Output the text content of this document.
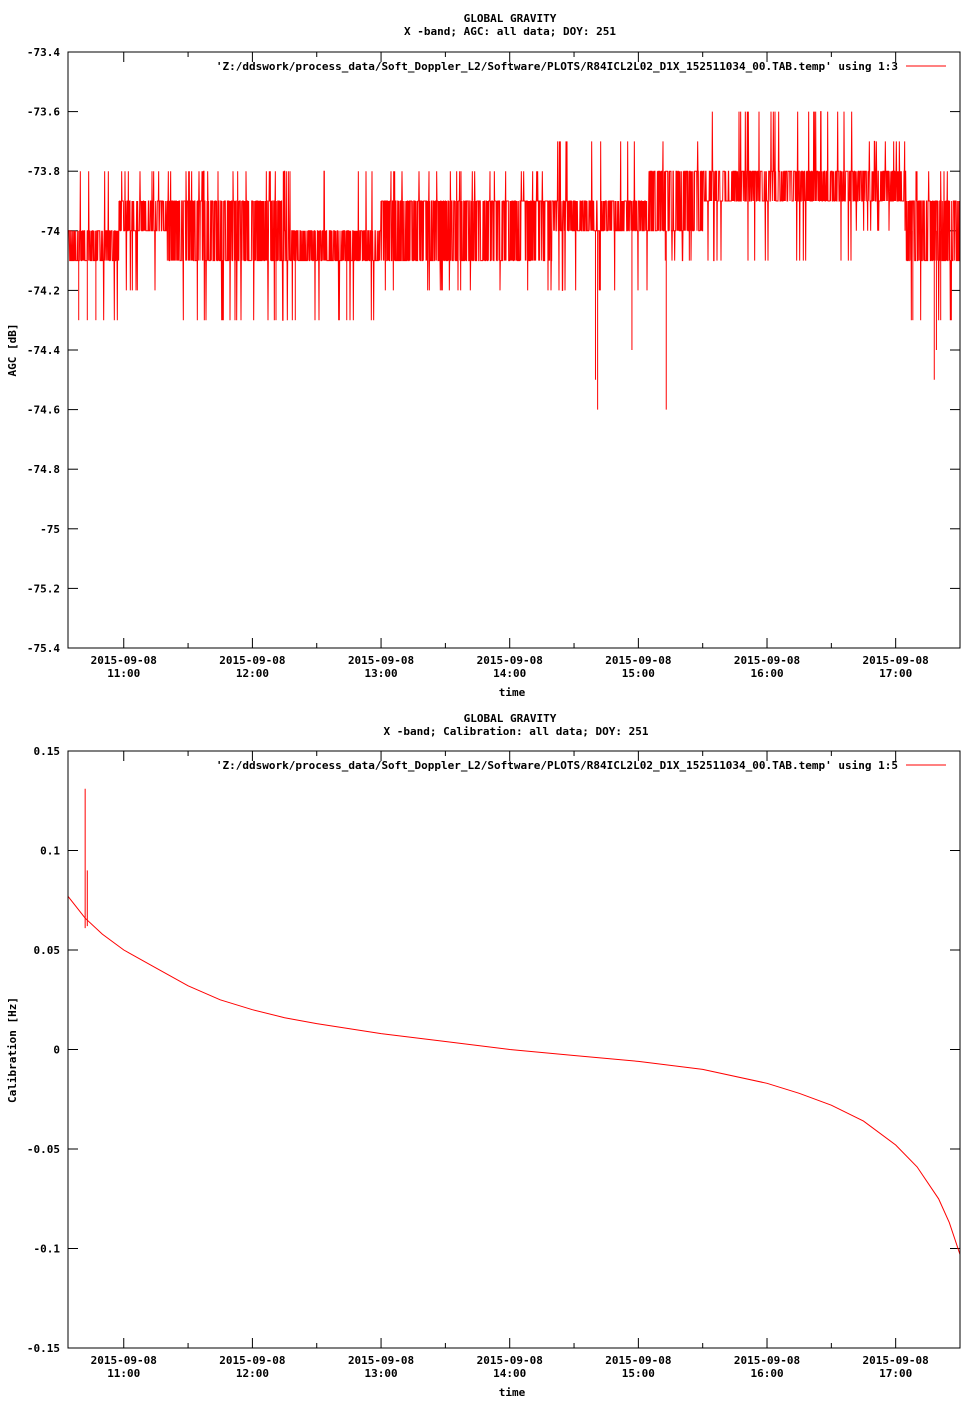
GLOBAL GRAVITY
X -band; AGC: all data; DOY: 251
AGC [dB]
time
'Z:/ddswork/process_data/Soft_Doppler_L2/Software/PLOTS/R84ICL2L02_D1X_152511034_00.TAB.temp' using 1:3
-73.4
-73.6
-73.8
-74
-74.2
-74.4
-74.6
-74.8
-75
-75.2
-75.4
2015-09-08
11:00
2015-09-08
12:00
2015-09-08
13:00
2015-09-08
14:00
2015-09-08
15:00
2015-09-08
16:00
2015-09-08
17:00
GLOBAL GRAVITY
X -band; Calibration: all data; DOY: 251
Calibration [Hz]
time
'Z:/ddswork/process_data/Soft_Doppler_L2/Software/PLOTS/R84ICL2L02_D1X_152511034_00.TAB.temp' using 1:5
0.15
0.1
0.05
0
-0.05
-0.1
-0.15
2015-09-08
11:00
2015-09-08
12:00
2015-09-08
13:00
2015-09-08
14:00
2015-09-08
15:00
2015-09-08
16:00
2015-09-08
17:00
